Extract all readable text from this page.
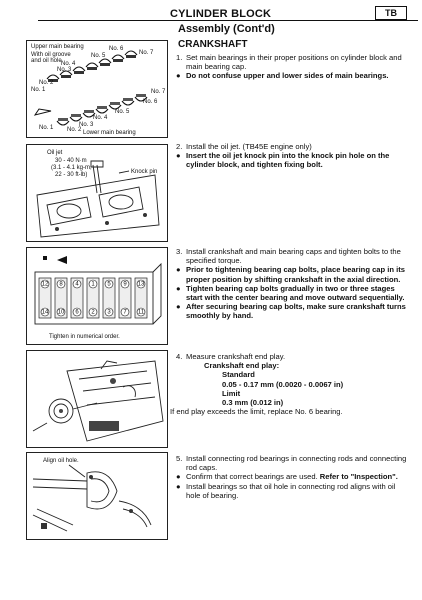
CYLINDER BLOCK	TB
Assembly (Cont'd)
CRANKSHAFT
Upper main bearing
With oil groove
and oil hole
No. 1
No. 2
No. 3
No. 4
No. 5
No. 6
No. 7
No. 1 No. 2
No. 3
No. 4
No. 5
No. 6
No. 7
Lower main bearing
Oil jet
30 - 40 N·m
(3.1 - 4.1 kg-m,
22 - 30 ft-lb)	Knock pin
12 8 4 1 5 9 13
14 10 6 2 3 7 11
Tighten in numerical order.
Align oil hole.

1. Set main bearings in their proper positions on cylinder block and main bearing cap.

● Do not confuse upper and lower sides of main bearings.

2. Install the oil jet. (TB45E engine only)

● Insert the oil jet knock pin into the knock pin hole on the cylinder block, and tighten fixing bolt.

3. Install crankshaft and main bearing caps and tighten bolts to the specified torque.

● Prior to tightening bearing cap bolts, place bearing cap in its proper position by shifting crankshaft in the axial direction.

● Tighten bearing cap bolts gradually in two or three stages start with the center bearing and move outward sequentially.

● After securing bearing cap bolts, make sure crankshaft turns smoothly by hand.

4. Measure crankshaft end play.

Crankshaft end play:

Standard

0.05 - 0.17 mm (0.0020 - 0.0067 in)

Limit

0.3 mm (0.012 in)

If end play exceeds the limit, replace No. 6 bearing.

5. Install connecting rod bearings in connecting rods and connecting rod caps.

● Confirm that correct bearings are used. Refer to "Inspection".

● Install bearings so that oil hole in connecting rod aligns with oil hole of bearing.
